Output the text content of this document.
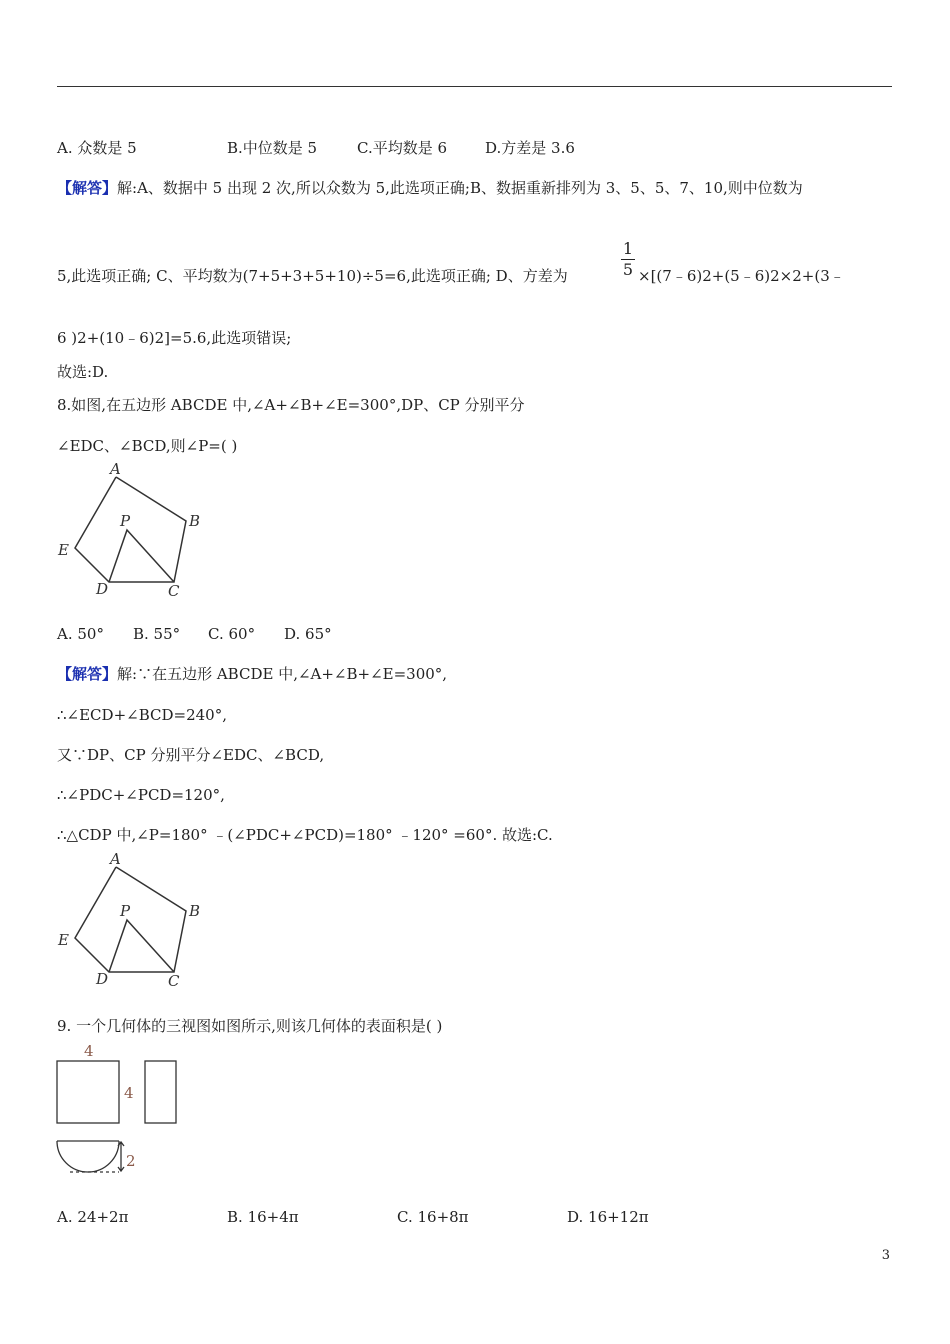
A. 众数是 5	B.中位数是 5	C.平均数是 6	D.方差是 3.6
【解答】解:A、数据中 5 出现 2 次,所以众数为 5,此选项正确;B、数据重新排列为 3、5、5、7、10,则中位数为
5,此选项正确; C、平均数为(7+5+3+5+10)÷5=6,此选项正确; D、方差为
1
5 ×[(7﹣6)2+(5﹣6)2×2+(3﹣
6 )2+(10﹣6)2]=5.6,此选项错误;
故选:D.
8.如图,在五边形 ABCDE 中,∠A+∠B+∠E=300°,DP、CP 分别平分
∠EDC、∠BCD,则∠P=( )
A
B
C
D
E
P
A. 50° B. 55° C. 60° D. 65°
【解答】解:∵在五边形 ABCDE 中,∠A+∠B+∠E=300°,
∴∠ECD+∠BCD=240°,
又∵DP、CP 分别平分∠EDC、∠BCD,
∴∠PDC+∠PCD=120°,
∴△CDP 中,∠P=180° ﹣(∠PDC+∠PCD)=180° ﹣120° =60°. 故选:C.
A
B
C
D
E
P
9. 一个几何体的三视图如图所示,则该几何体的表面积是( )
4
4
2
A. 24+2π	B. 16+4π	C. 16+8π	D. 16+12π
3
